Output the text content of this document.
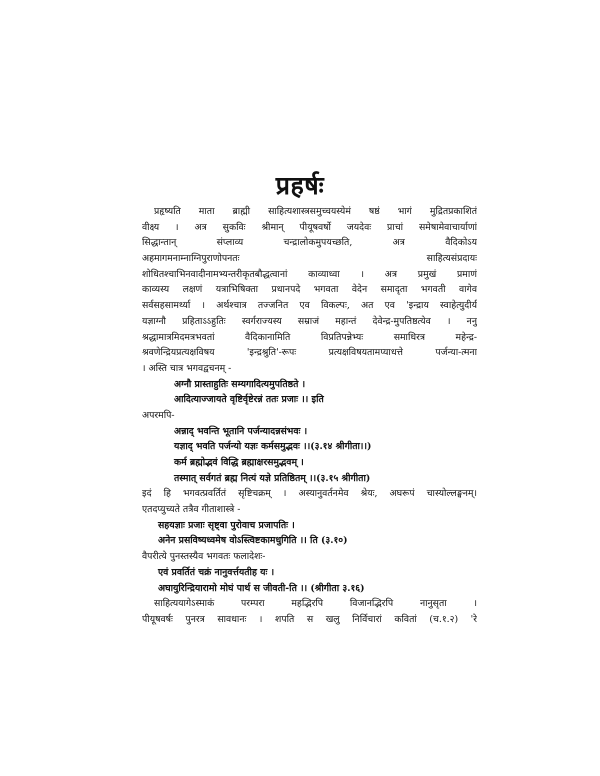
प्रहर्षः
प्रहृष्यति माता ब्राह्मी साहित्यशास्त्रसमुच्चयस्येमं षष्ठं भागं मुद्रितप्रकाशितं
वीक्ष्य । अत्र सुकविः श्रीमान् पीयूषवर्षो जयदेवः प्राचां समेषामेवाचार्याणां
सिद्धान्तान् संप्लाव्य चन्द्रालोकमुपयच्छति, अत्र वैदिकोऽय
अहमागमनाम्नाग्निपुराणोपनतः साहित्यसंप्रदायः
शोधितश्चाभिनवादीनामभ्यन्तरीकृतबौद्धत्वानां काव्याध्वा । अत्र प्रमुखं प्रमाणं
काव्यस्य लक्षणं यत्राभिषिक्ता प्रधानपदे भगवता वेदेन समादृता भगवती वागेव
सर्वसहसामर्थ्या । अर्थश्चात्र तज्जनित एव विकल्पः, अत एव 'इन्द्राय स्वाहेत्युदीर्य
यज्ञाग्नौ प्रहिताऽऽहुतिः स्वर्गराज्यस्य सम्राजं महान्तं देवेन्द्र-मुपतिष्ठत्येव । ननु
श्रद्धामात्रमिदमत्रभवतां वैदिकानामिति विप्रतिपन्नेभ्यः समाधिरत्र महेन्द्र-
श्रवणेन्द्रियप्रत्यक्षविषय 'इन्द्रश्रुति'-रूपः प्रत्यक्षविषयतामप्याधत्ते पर्जन्या-त्मना
। अस्ति चात्र भगवद्वचनम् -
अग्नौ प्रास्ताहुतिः सम्यगादित्यमुपतिष्ठते ।
आदित्याज्जायते वृष्टिर्वृष्टेरन्नं ततः प्रजाः ।। इति
अपरमपि-
अन्नाद् भवन्ति भूतानि पर्जन्यादन्नसंभवः ।
यज्ञाद् भवति पर्जन्यो यज्ञः कर्मसमुद्भवः ।।(३.१४ श्रीगीता।।)
कर्म ब्रह्मोद्भवं विद्धि ब्रह्माक्षरसमुद्भवम् ।
तस्मात् सर्वगतं ब्रह्म नित्यं यज्ञे प्रतिष्ठितम् ।।(३.१५ श्रीगीता)
इदं हि भगवत्प्रवर्तितं सृष्टिचक्रम् । अस्यानुवर्तनमेव श्रेयः, अघरूपं चास्योल्लङ्घनम्।
एतदप्युच्यते तत्रैव गीताशास्त्रे -
सहयज्ञाः प्रजाः सृष्ट्वा पुरोवाच प्रजापतिः ।
अनेन प्रसविष्यध्वमेष वोऽस्त्विष्टकामधुगिति ।। ति (३.१०)
वैपरीत्ये पुनस्तस्यैव भगवतः फलादेशः-
एवं प्रवर्तितं चक्रं नानुवर्त्तयतीह यः ।
अघायुरिन्द्रियारामो मोघं पार्थ स जीवती-ति ।। (श्रीगीता ३.१६)
साहित्ययागेऽस्माकं परम्परा महद्भिरपि विजानद्भिरपि नानुसृता ।
पीयूषवर्षः पुनरत्र सावधानः । शपति स खलु निर्विचारां कवितां (च.१.२) 'रे
